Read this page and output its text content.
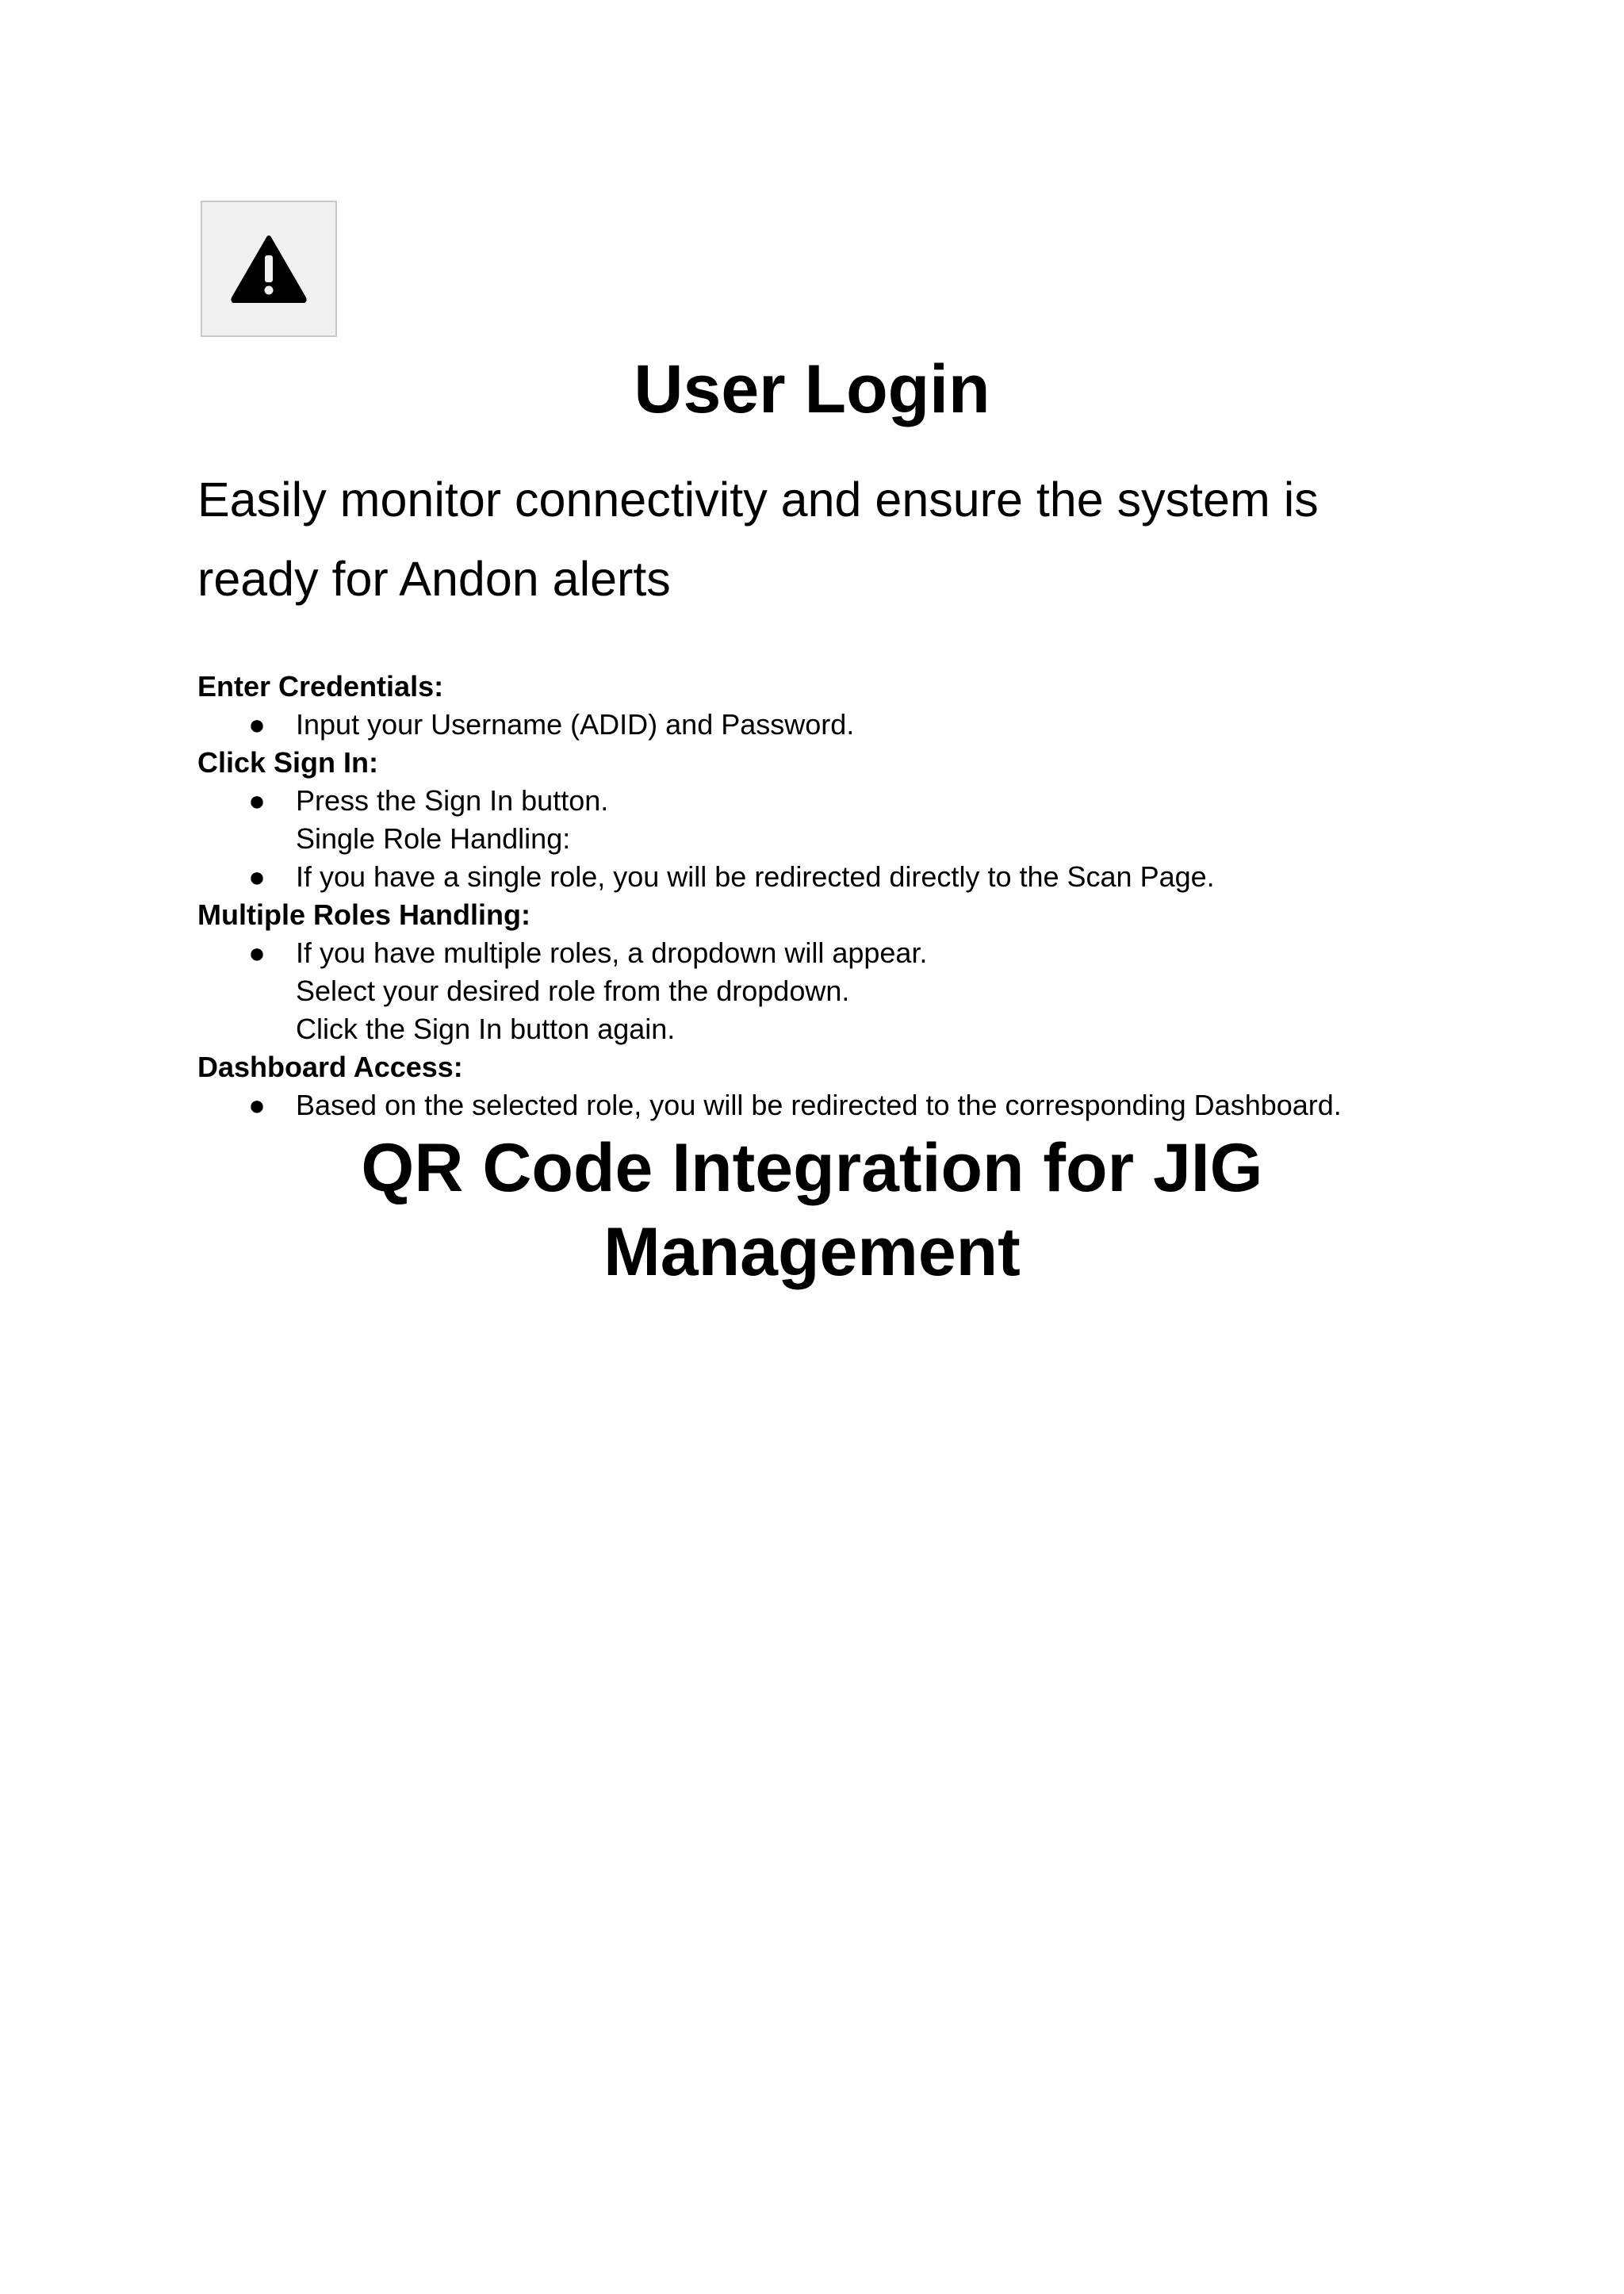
User Login

Easily monitor connectivity and ensure the system is ready for Andon alerts

Enter Credentials:

● Input your Username (ADID) and Password.

Click Sign In:

● Press the Sign In button.

Single Role Handling:

● If you have a single role, you will be redirected directly to the Scan Page.

Multiple Roles Handling:

● If you have multiple roles, a dropdown will appear.

Select your desired role from the dropdown.

Click the Sign In button again.

Dashboard Access:

● Based on the selected role, you will be redirected to the corresponding Dashboard.

QR Code Integration for JIG
Management
